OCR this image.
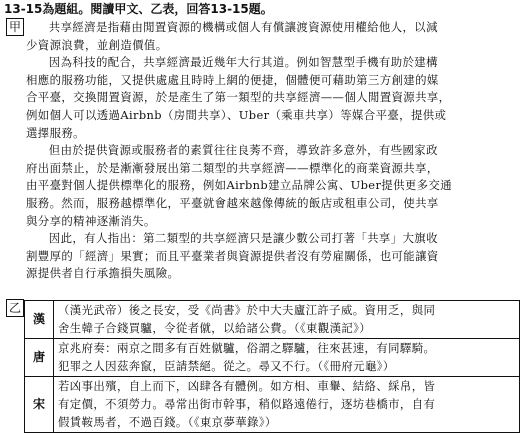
13-15為題組。閱讀甲文、乙表，回答13-15題。
甲	共享經濟是指藉由閒置資源的機構或個人有償讓渡資源使用權給他人，以減

少資源浪費，並創造價值。

因為科技的配合，共享經濟最近幾年大行其道。例如智慧型手機有助於建構

相應的服務功能，又提供處處且時時上網的便捷，個體便可藉助第三方創建的媒
合平臺，交換閒置資源，於是產生了第一類型的共享經濟——個人閒置資源共享，
例如個人可以透過Airbnb（房間共享）、Uber（乘車共享）等媒合平臺，提供或
選擇服務。

但由於提供資源或服務者的素質往往良莠不齊，導致許多意外，有些國家政

府出面禁止，於是漸漸發展出第二類型的共享經濟——標準化的商業資源共享，
由平臺對個人提供標準化的服務，例如Airbnb建立品牌公寓、Uber提供更多交通
服務。然而，服務越標準化，平臺就會越來越像傳統的飯店或租車公司，使共享
與分享的精神逐漸消失。

因此，有人指出：第二類型的共享經濟只是讓少數公司打著「共享」大旗收

割豐厚的「經濟」果實；而且平臺業者與資源提供者沒有勞雇關係，也可能讓資
源提供者自行承擔損失風險。
乙
漢	（漢光武帝）後之長安，受《尚書》於中大夫廬江許子威。資用乏，與同
舍生韓子合錢買驢，令從者僦，以給諸公費。（《東觀漢記》）

唐	京兆府奏：兩京之間多有百姓僦驢，俗謂之驛驢，往來甚速，有同驛騎。
犯罪之人因茲奔竄，臣請禁絕。從之。尋又不行。（《冊府元龜》）

宋	若凶事出殯，自上而下，凶肆各有體例。如方相、車轝、結絡、綵帛，皆
有定價，不須勞力。尋常出街市幹事，稍似路遠倦行，逐坊巷橋市，自有
假賃鞍馬者，不過百錢。（《東京夢華錄》）
